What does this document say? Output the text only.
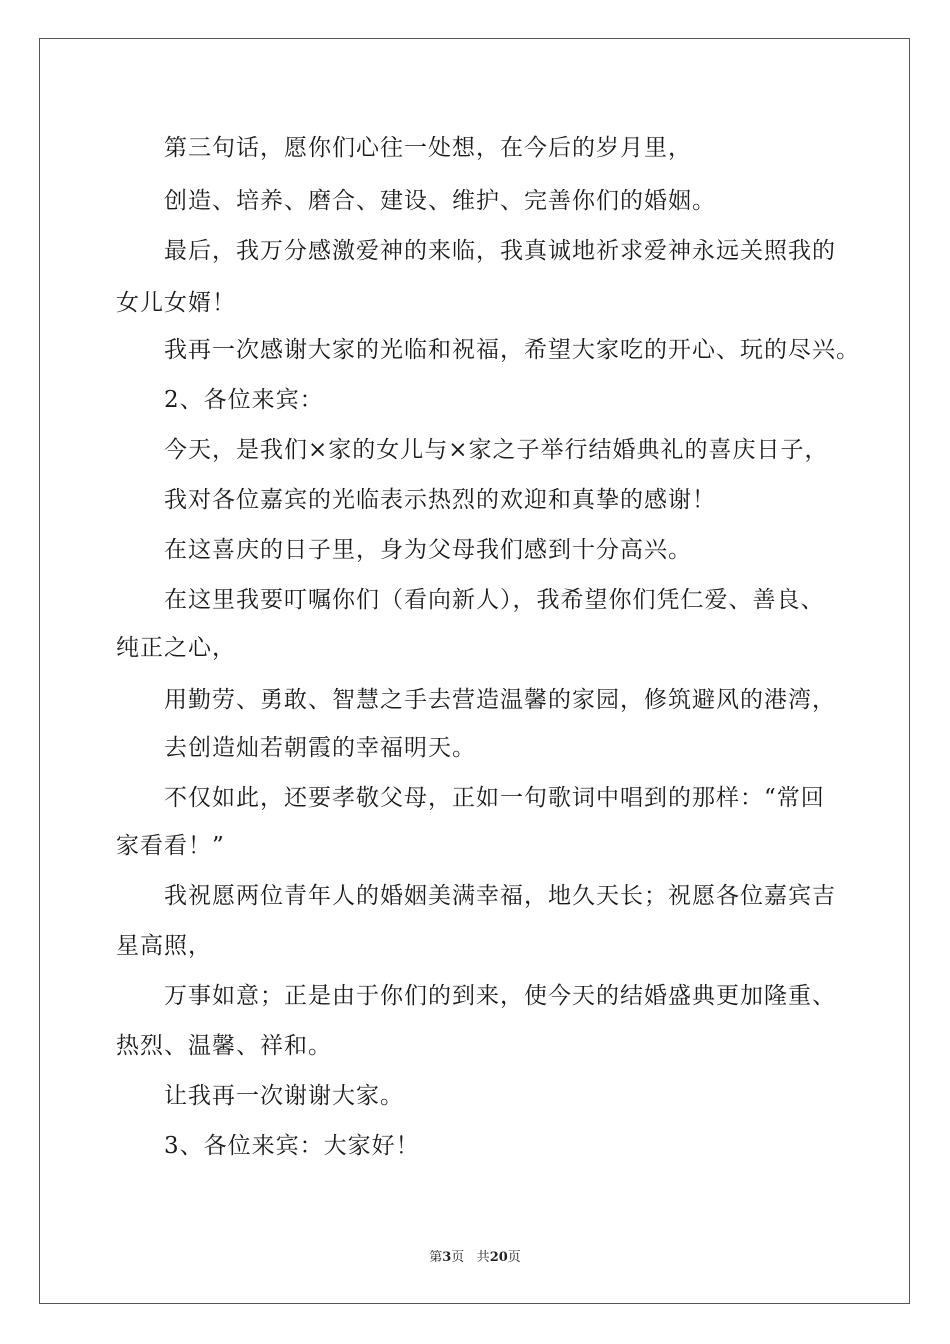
第三句话，愿你们心往一处想，在今后的岁月里，
创造、培养、磨合、建设、维护、完善你们的婚姻。
最后，我万分感激爱神的来临，我真诚地祈求爱神永远关照我的
女儿女婿！
我再一次感谢大家的光临和祝福，希望大家吃的开心、玩的尽兴。
2、各位来宾：
今天，是我们×家的女儿与×家之子举行结婚典礼的喜庆日子，
我对各位嘉宾的光临表示热烈的欢迎和真挚的感谢！
在这喜庆的日子里，身为父母我们感到十分高兴。
在这里我要叮嘱你们（看向新人），我希望你们凭仁爱、善良、
纯正之心，
用勤劳、勇敢、智慧之手去营造温馨的家园，修筑避风的港湾，
去创造灿若朝霞的幸福明天。
不仅如此，还要孝敬父母，正如一句歌词中唱到的那样：“常回
家看看！”
我祝愿两位青年人的婚姻美满幸福，地久天长；祝愿各位嘉宾吉
星高照，
万事如意；正是由于你们的到来，使今天的结婚盛典更加隆重、
热烈、温馨、祥和。
让我再一次谢谢大家。
3、各位来宾：大家好！
第3页 共20页
